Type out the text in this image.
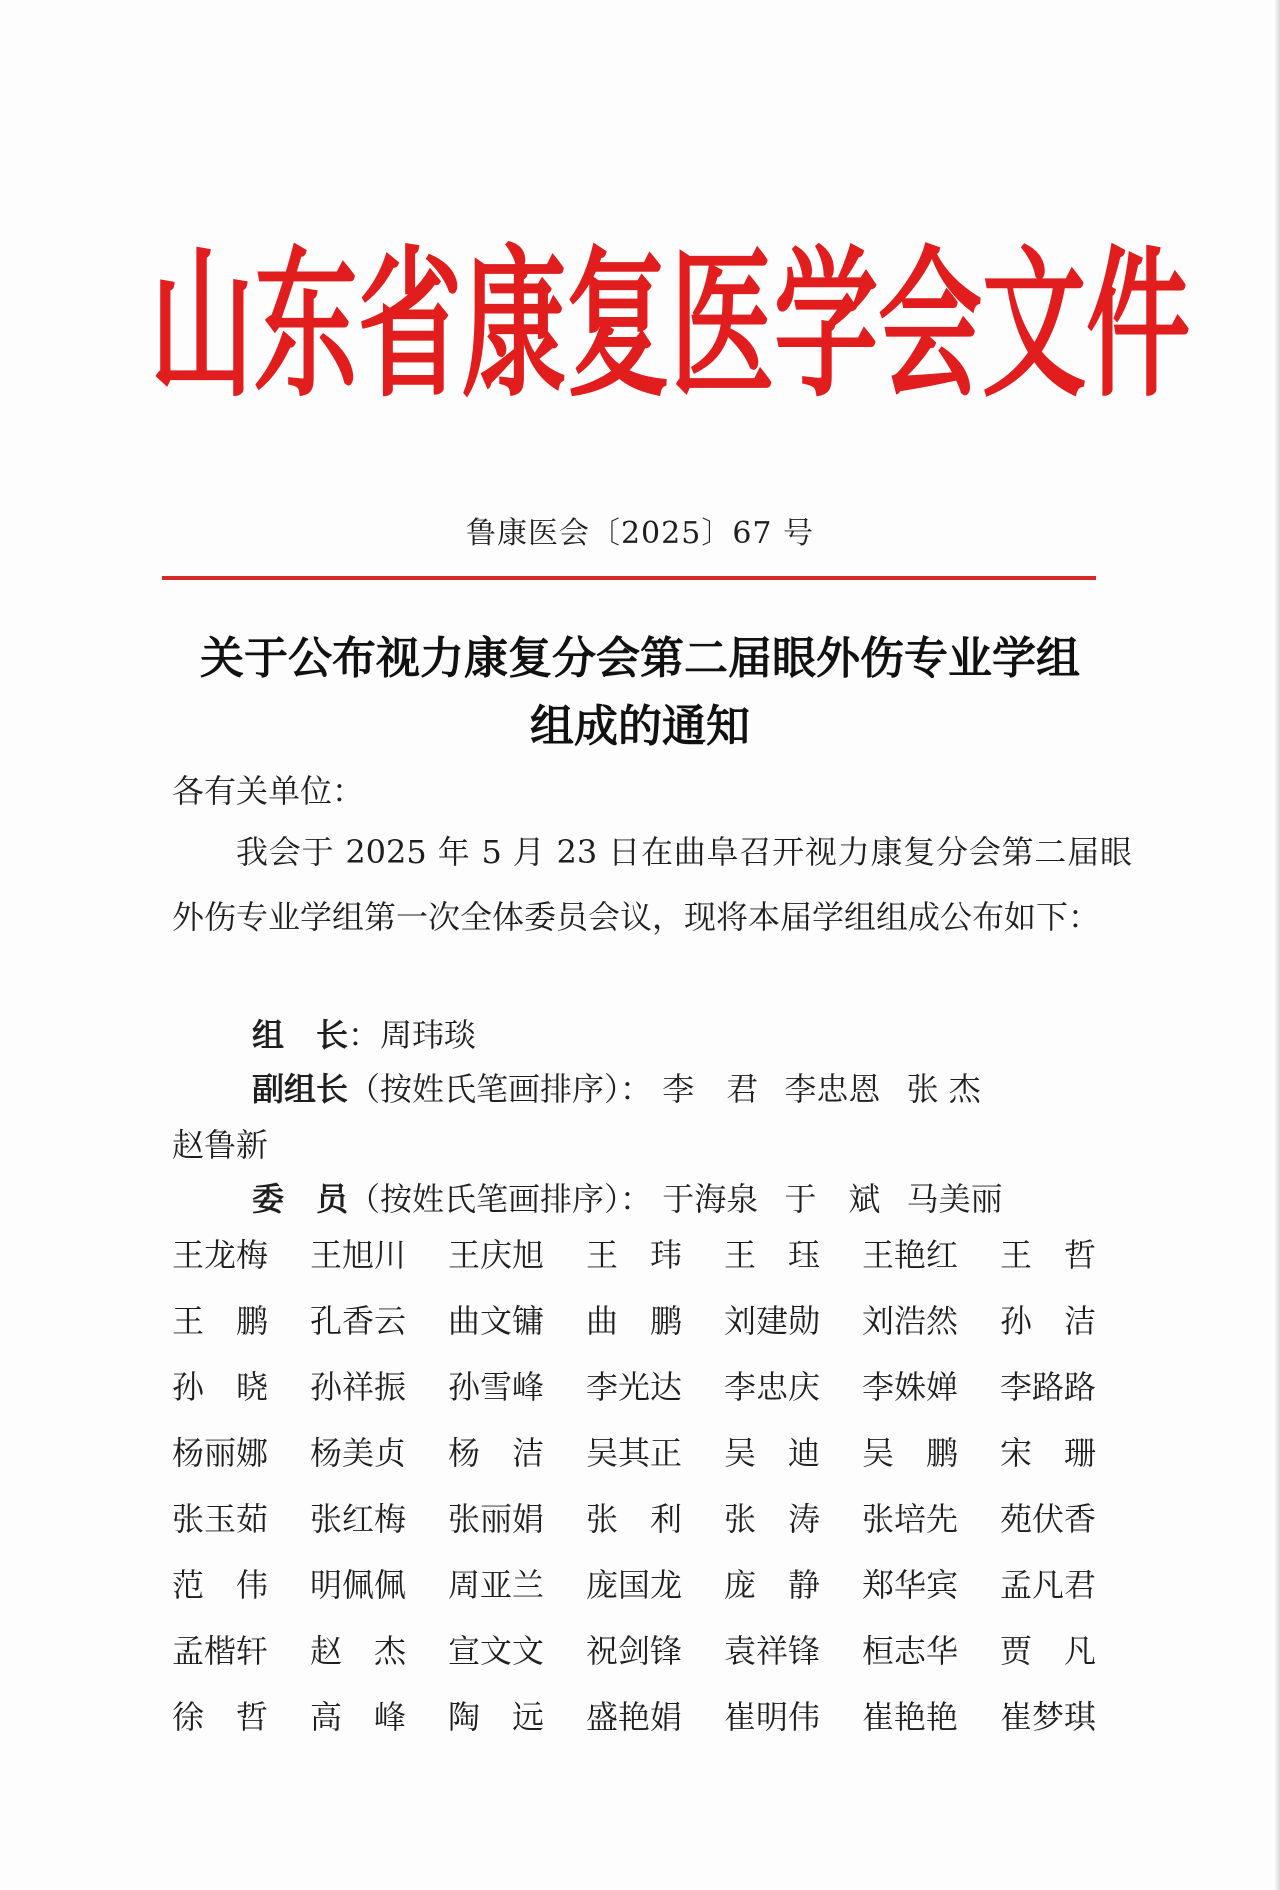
山 东 省 康 复 医 学 会 文 件
鲁康医会〔2025〕67 号
关于公布视力康复分会第二届眼外伤专业学组
组成的通知
各有关单位：
我会于 2025 年 5 月 23 日在曲阜召开视力康复分会第二届眼外伤专业学组第一次全体委员会议，现将本届学组组成公布如下：
组　长：周玮琰
副组长（按姓氏笔画排序）： 李　君 李忠恩 张 杰
赵鲁新
委　员（按姓氏笔画排序）： 于海泉 于　斌 马美丽
王龙梅	王旭川	王庆旭	王　玮	王　珏	王艳红	王　哲
王　鹏	孔香云	曲文镛	曲　鹏	刘建勋	刘浩然	孙　洁
孙　晓	孙祥振	孙雪峰	李光达	李忠庆	李姝婵	李路路
杨丽娜	杨美贞	杨　洁	吴其正	吴　迪	吴　鹏	宋　珊
张玉茹	张红梅	张丽娟	张　利	张　涛	张培先	苑伏香
范　伟	明佩佩	周亚兰	庞国龙	庞　静	郑华宾	孟凡君
孟楷轩	赵　杰	宣文文	祝剑锋	袁祥锋	桓志华	贾　凡
徐　哲	高　峰	陶　远	盛艳娟	崔明伟	崔艳艳	崔梦琪
